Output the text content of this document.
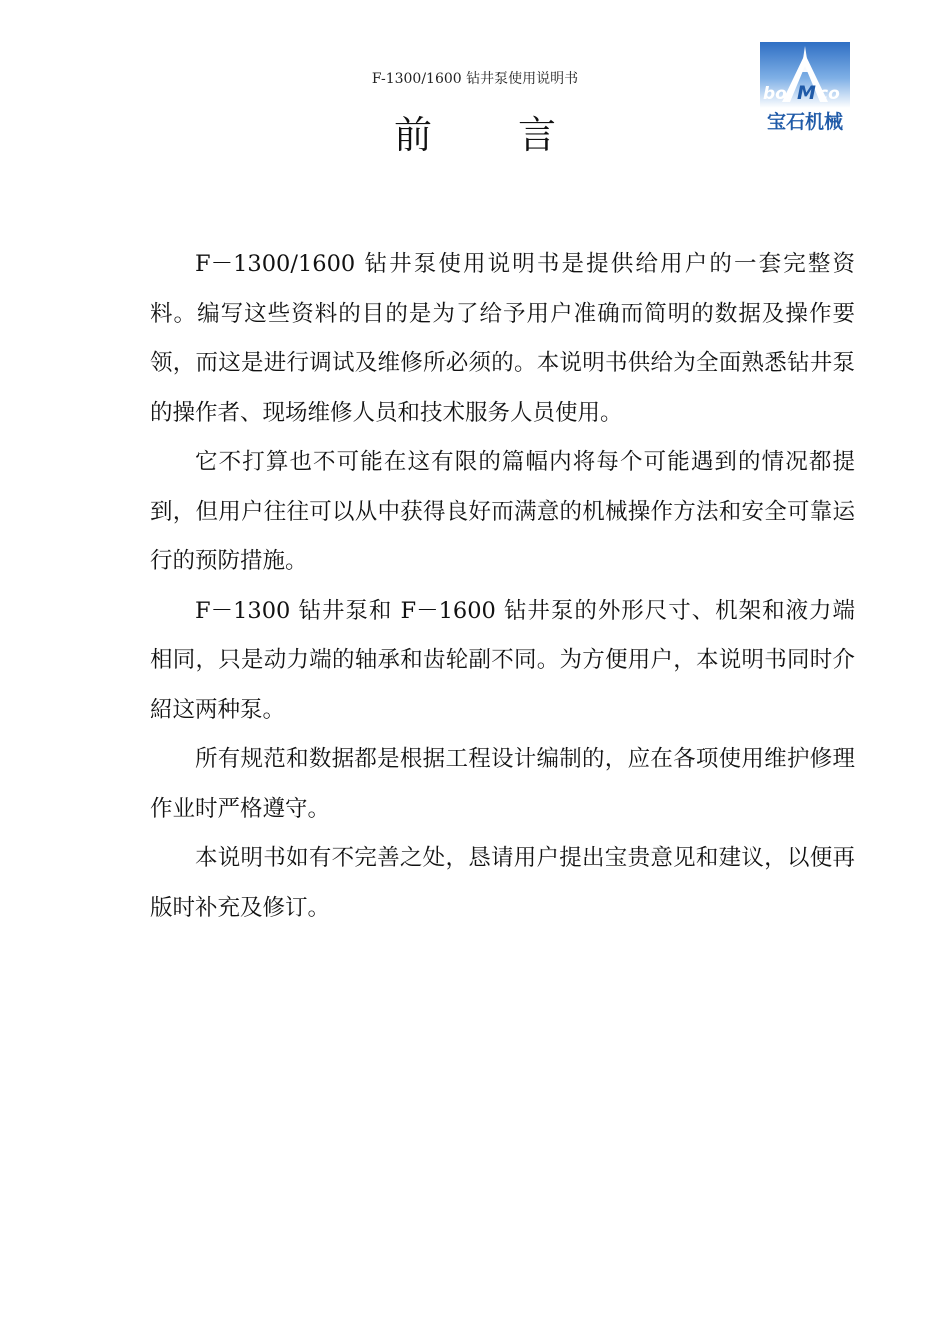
F-1300/1600 钻井泵使用说明书
bo M co
宝石机械
前 言

F－1300/1600 钻井泵使用说明书是提供给用户的一套完整资料。编写这些资料的目的是为了给予用户准确而简明的数据及操作要领，而这是进行调试及维修所必须的。本说明书供给为全面熟悉钻井泵的操作者、现场维修人员和技术服务人员使用。

它不打算也不可能在这有限的篇幅内将每个可能遇到的情况都提到，但用户往往可以从中获得良好而满意的机械操作方法和安全可靠运行的预防措施。

F－1300 钻井泵和 F－1600 钻井泵的外形尺寸、机架和液力端相同，只是动力端的轴承和齿轮副不同。为方便用户，本说明书同时介紹这两种泵。

所有规范和数据都是根据工程设计编制的，应在各项使用维护修理作业时严格遵守。

本说明书如有不完善之处，恳请用户提出宝贵意见和建议，以便再版时补充及修订。
